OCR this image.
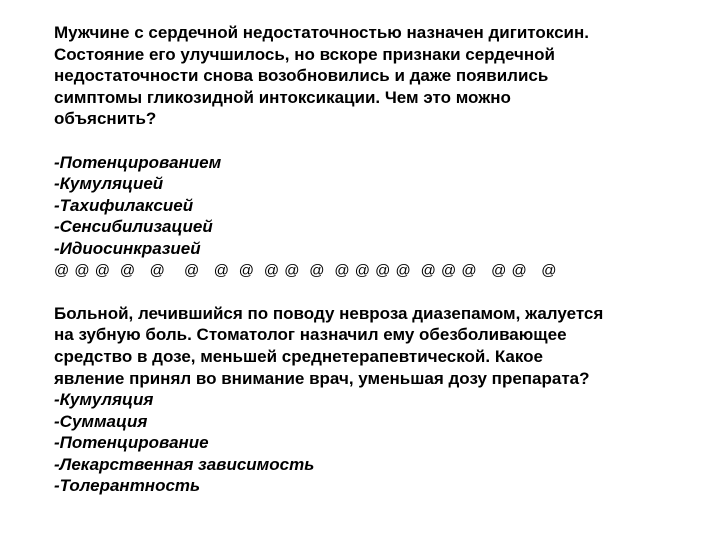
Мужчине с сердечной недостаточностью назначен дигитоксин.
Состояние его улучшилось, но вскоре признаки сердечной
недостаточности снова возобновились и даже появились
симптомы гликозидной интоксикации. Чем это можно
объяснить?
-Потенцированием
-Кумуляцией
-Тахифилаксией
-Сенсибилизацией
-Идиосинкразией
@ @ @  @   @    @   @  @  @ @  @  @ @ @ @  @ @ @   @ @   @
Больной, лечившийся по поводу невроза диазепамом, жалуется
на зубную боль. Стоматолог назначил ему обезболивающее
средство в дозе, меньшей среднетерапевтической. Какое
явление принял во внимание врач, уменьшая дозу препарата?
-Кумуляция
-Суммация
-Потенцирование
-Лекарственная зависимость
-Толерантность
